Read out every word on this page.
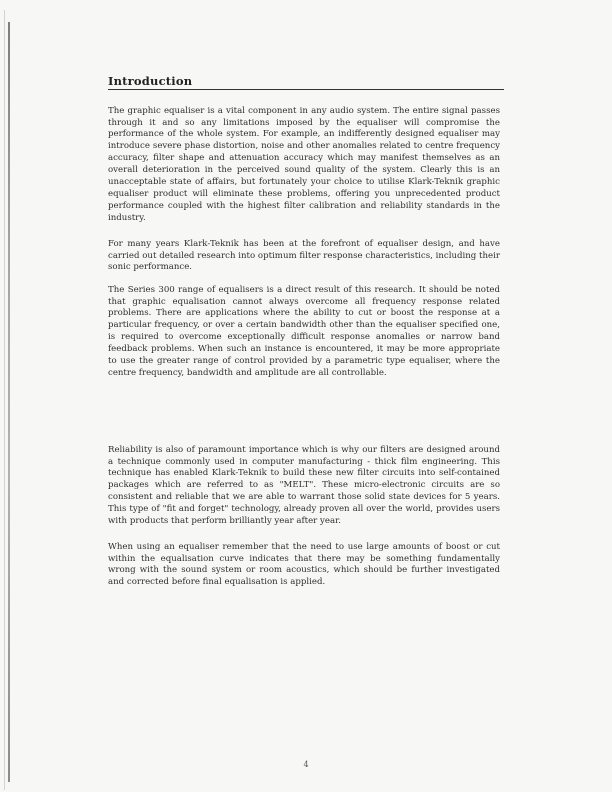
Introduction

The graphic equaliser is a vital component in any audio system. The entire signal passes through it and so any limitations imposed by the equaliser will compromise the performance of the whole system. For example, an indifferently designed equaliser may introduce severe phase distortion, noise and other anomalies related to centre frequency accuracy, filter shape and attenuation accuracy which may manifest themselves as an overall deterioration in the perceived sound quality of the system. Clearly this is an unacceptable state of affairs, but fortunately your choice to utilise Klark-Teknik graphic equaliser product will eliminate these problems, offering you unprecedented product performance coupled with the highest filter calibration and reliability standards in the industry.

For many years Klark-Teknik has been at the forefront of equaliser design, and have carried out detailed research into optimum filter response characteristics, including their sonic performance.

The Series 300 range of equalisers is a direct result of this research. It should be noted that graphic equalisation cannot always overcome all frequency response related problems. There are applications where the ability to cut or boost the response at a particular frequency, or over a certain bandwidth other than the equaliser specified one, is required to overcome exceptionally difficult response anomalies or narrow band feedback problems. When such an instance is encountered, it may be more appropriate to use the greater range of control provided by a parametric type equaliser, where the centre frequency, bandwidth and amplitude are all controllable.

Reliability is also of paramount importance which is why our filters are designed around a technique commonly used in computer manufacturing - thick film engineering. This technique has enabled Klark-Teknik to build these new filter circuits into self-contained packages which are referred to as "MELT". These micro-electronic circuits are so consistent and reliable that we are able to warrant those solid state devices for 5 years. This type of "fit and forget" technology, already proven all over the world, provides users with products that perform brilliantly year after year.

When using an equaliser remember that the need to use large amounts of boost or cut within the equalisation curve indicates that there may be something fundamentally wrong with the sound system or room acoustics, which should be further investigated and corrected before final equalisation is applied.

4
